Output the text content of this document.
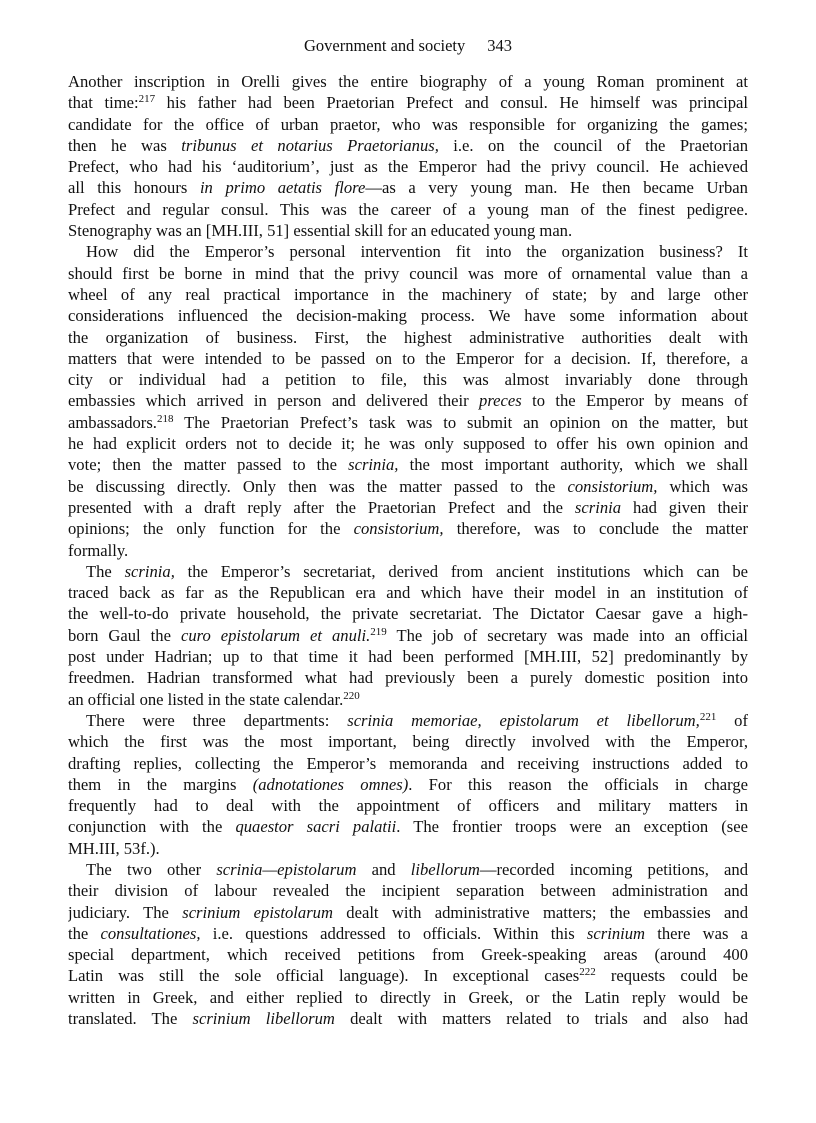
Government and society 343
Another inscription in Orelli gives the entire biography of a young Roman prominent at
that time:$^{217}$ his father had been Praetorian Prefect and consul. He himself was principal
candidate for the office of urban praetor, who was responsible for organizing the games;
then he was tribunus et notarius Praetorianus, i.e. on the council of the Praetorian
Prefect, who had his ‘auditorium’, just as the Emperor had the privy council. He achieved
all this honours in primo aetatis flore—as a very young man. He then became Urban
Prefect and regular consul. This was the career of a young man of the finest pedigree.
Stenography was an [MH.III, 51] essential skill for an educated young man.
How did the Emperor’s personal intervention fit into the organization business? It
should first be borne in mind that the privy council was more of ornamental value than a
wheel of any real practical importance in the machinery of state; by and large other
considerations influenced the decision-making process. We have some information about
the organization of business. First, the highest administrative authorities dealt with
matters that were intended to be passed on to the Emperor for a decision. If, therefore, a
city or individual had a petition to file, this was almost invariably done through
embassies which arrived in person and delivered their preces to the Emperor by means of
ambassadors.$^{218}$ The Praetorian Prefect’s task was to submit an opinion on the matter, but
he had explicit orders not to decide it; he was only supposed to offer his own opinion and
vote; then the matter passed to the scrinia, the most important authority, which we shall
be discussing directly. Only then was the matter passed to the consistorium, which was
presented with a draft reply after the Praetorian Prefect and the scrinia had given their
opinions; the only function for the consistorium, therefore, was to conclude the matter
formally.
The scrinia, the Emperor’s secretariat, derived from ancient institutions which can be
traced back as far as the Republican era and which have their model in an institution of
the well-to-do private household, the private secretariat. The Dictator Caesar gave a high-
born Gaul the curo epistolarum et anuli.$^{219}$ The job of secretary was made into an official
post under Hadrian; up to that time it had been performed [MH.III, 52] predominantly by
freedmen. Hadrian transformed what had previously been a purely domestic position into
an official one listed in the state calendar.$^{220}$
There were three departments: scrinia memoriae, epistolarum et libellorum,$^{221}$ of
which the first was the most important, being directly involved with the Emperor,
drafting replies, collecting the Emperor’s memoranda and receiving instructions added to
them in the margins (adnotationes omnes). For this reason the officials in charge
frequently had to deal with the appointment of officers and military matters in
conjunction with the quaestor sacri palatii. The frontier troops were an exception (see
MH.III, 53f.).
The two other scrinia—epistolarum and libellorum—recorded incoming petitions, and
their division of labour revealed the incipient separation between administration and
judiciary. The scrinium epistolarum dealt with administrative matters; the embassies and
the consultationes, i.e. questions addressed to officials. Within this scrinium there was a
special department, which received petitions from Greek-speaking areas (around 400
Latin was still the sole official language). In exceptional cases$^{222}$ requests could be
written in Greek, and either replied to directly in Greek, or the Latin reply would be
translated. The scrinium libellorum dealt with matters related to trials and also had
